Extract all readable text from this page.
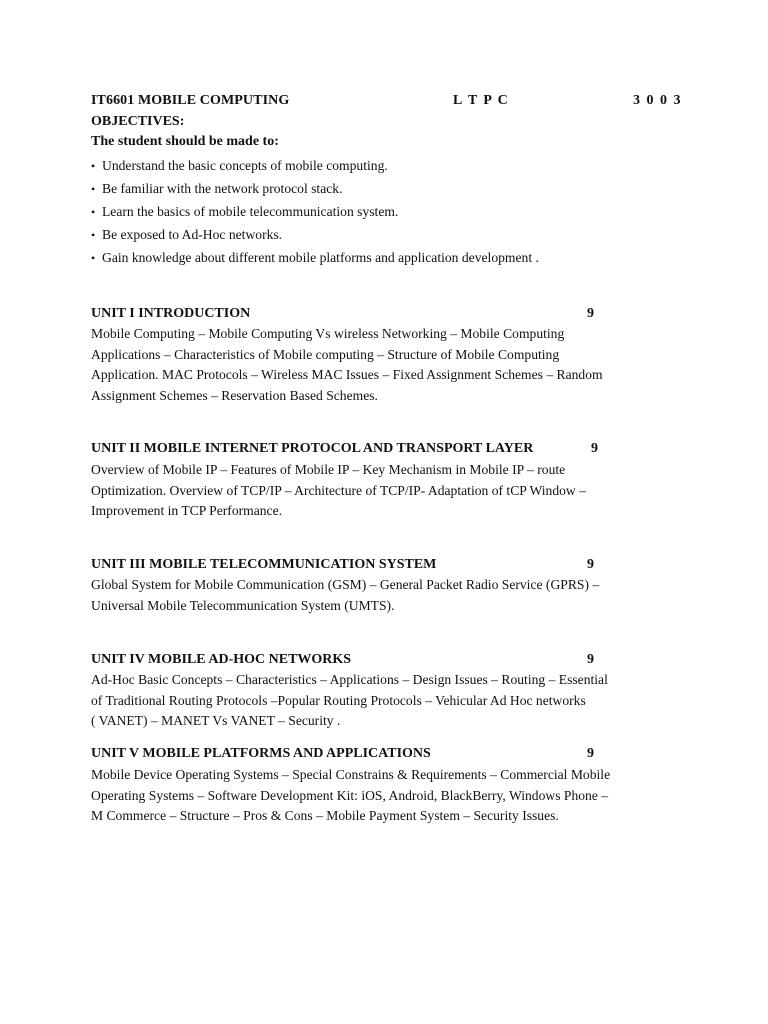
IT6601 MOBILE COMPUTING	L T P C	3 0 0 3
OBJECTIVES:
The student should be made to:
• Understand the basic concepts of mobile computing.
• Be familiar with the network protocol stack.
• Learn the basics of mobile telecommunication system.
• Be exposed to Ad-Hoc networks.
• Gain knowledge about different mobile platforms and application development .
UNIT I INTRODUCTION	9
Mobile Computing – Mobile Computing Vs wireless Networking – Mobile Computing
Applications – Characteristics of Mobile computing – Structure of Mobile Computing
Application. MAC Protocols – Wireless MAC Issues – Fixed Assignment Schemes – Random
Assignment Schemes – Reservation Based Schemes.
UNIT II MOBILE INTERNET PROTOCOL AND TRANSPORT LAYER	9
Overview of Mobile IP – Features of Mobile IP – Key Mechanism in Mobile IP – route
Optimization. Overview of TCP/IP – Architecture of TCP/IP- Adaptation of tCP Window –
Improvement in TCP Performance.
UNIT III MOBILE TELECOMMUNICATION SYSTEM	9
Global System for Mobile Communication (GSM) – General Packet Radio Service (GPRS) –
Universal Mobile Telecommunication System (UMTS).
UNIT IV MOBILE AD-HOC NETWORKS	9
Ad-Hoc Basic Concepts – Characteristics – Applications – Design Issues – Routing – Essential
of Traditional Routing Protocols –Popular Routing Protocols – Vehicular Ad Hoc networks
( VANET) – MANET Vs VANET – Security .
UNIT V MOBILE PLATFORMS AND APPLICATIONS	9
Mobile Device Operating Systems – Special Constrains & Requirements – Commercial Mobile
Operating Systems – Software Development Kit: iOS, Android, BlackBerry, Windows Phone –
M Commerce – Structure – Pros & Cons – Mobile Payment System – Security Issues.
